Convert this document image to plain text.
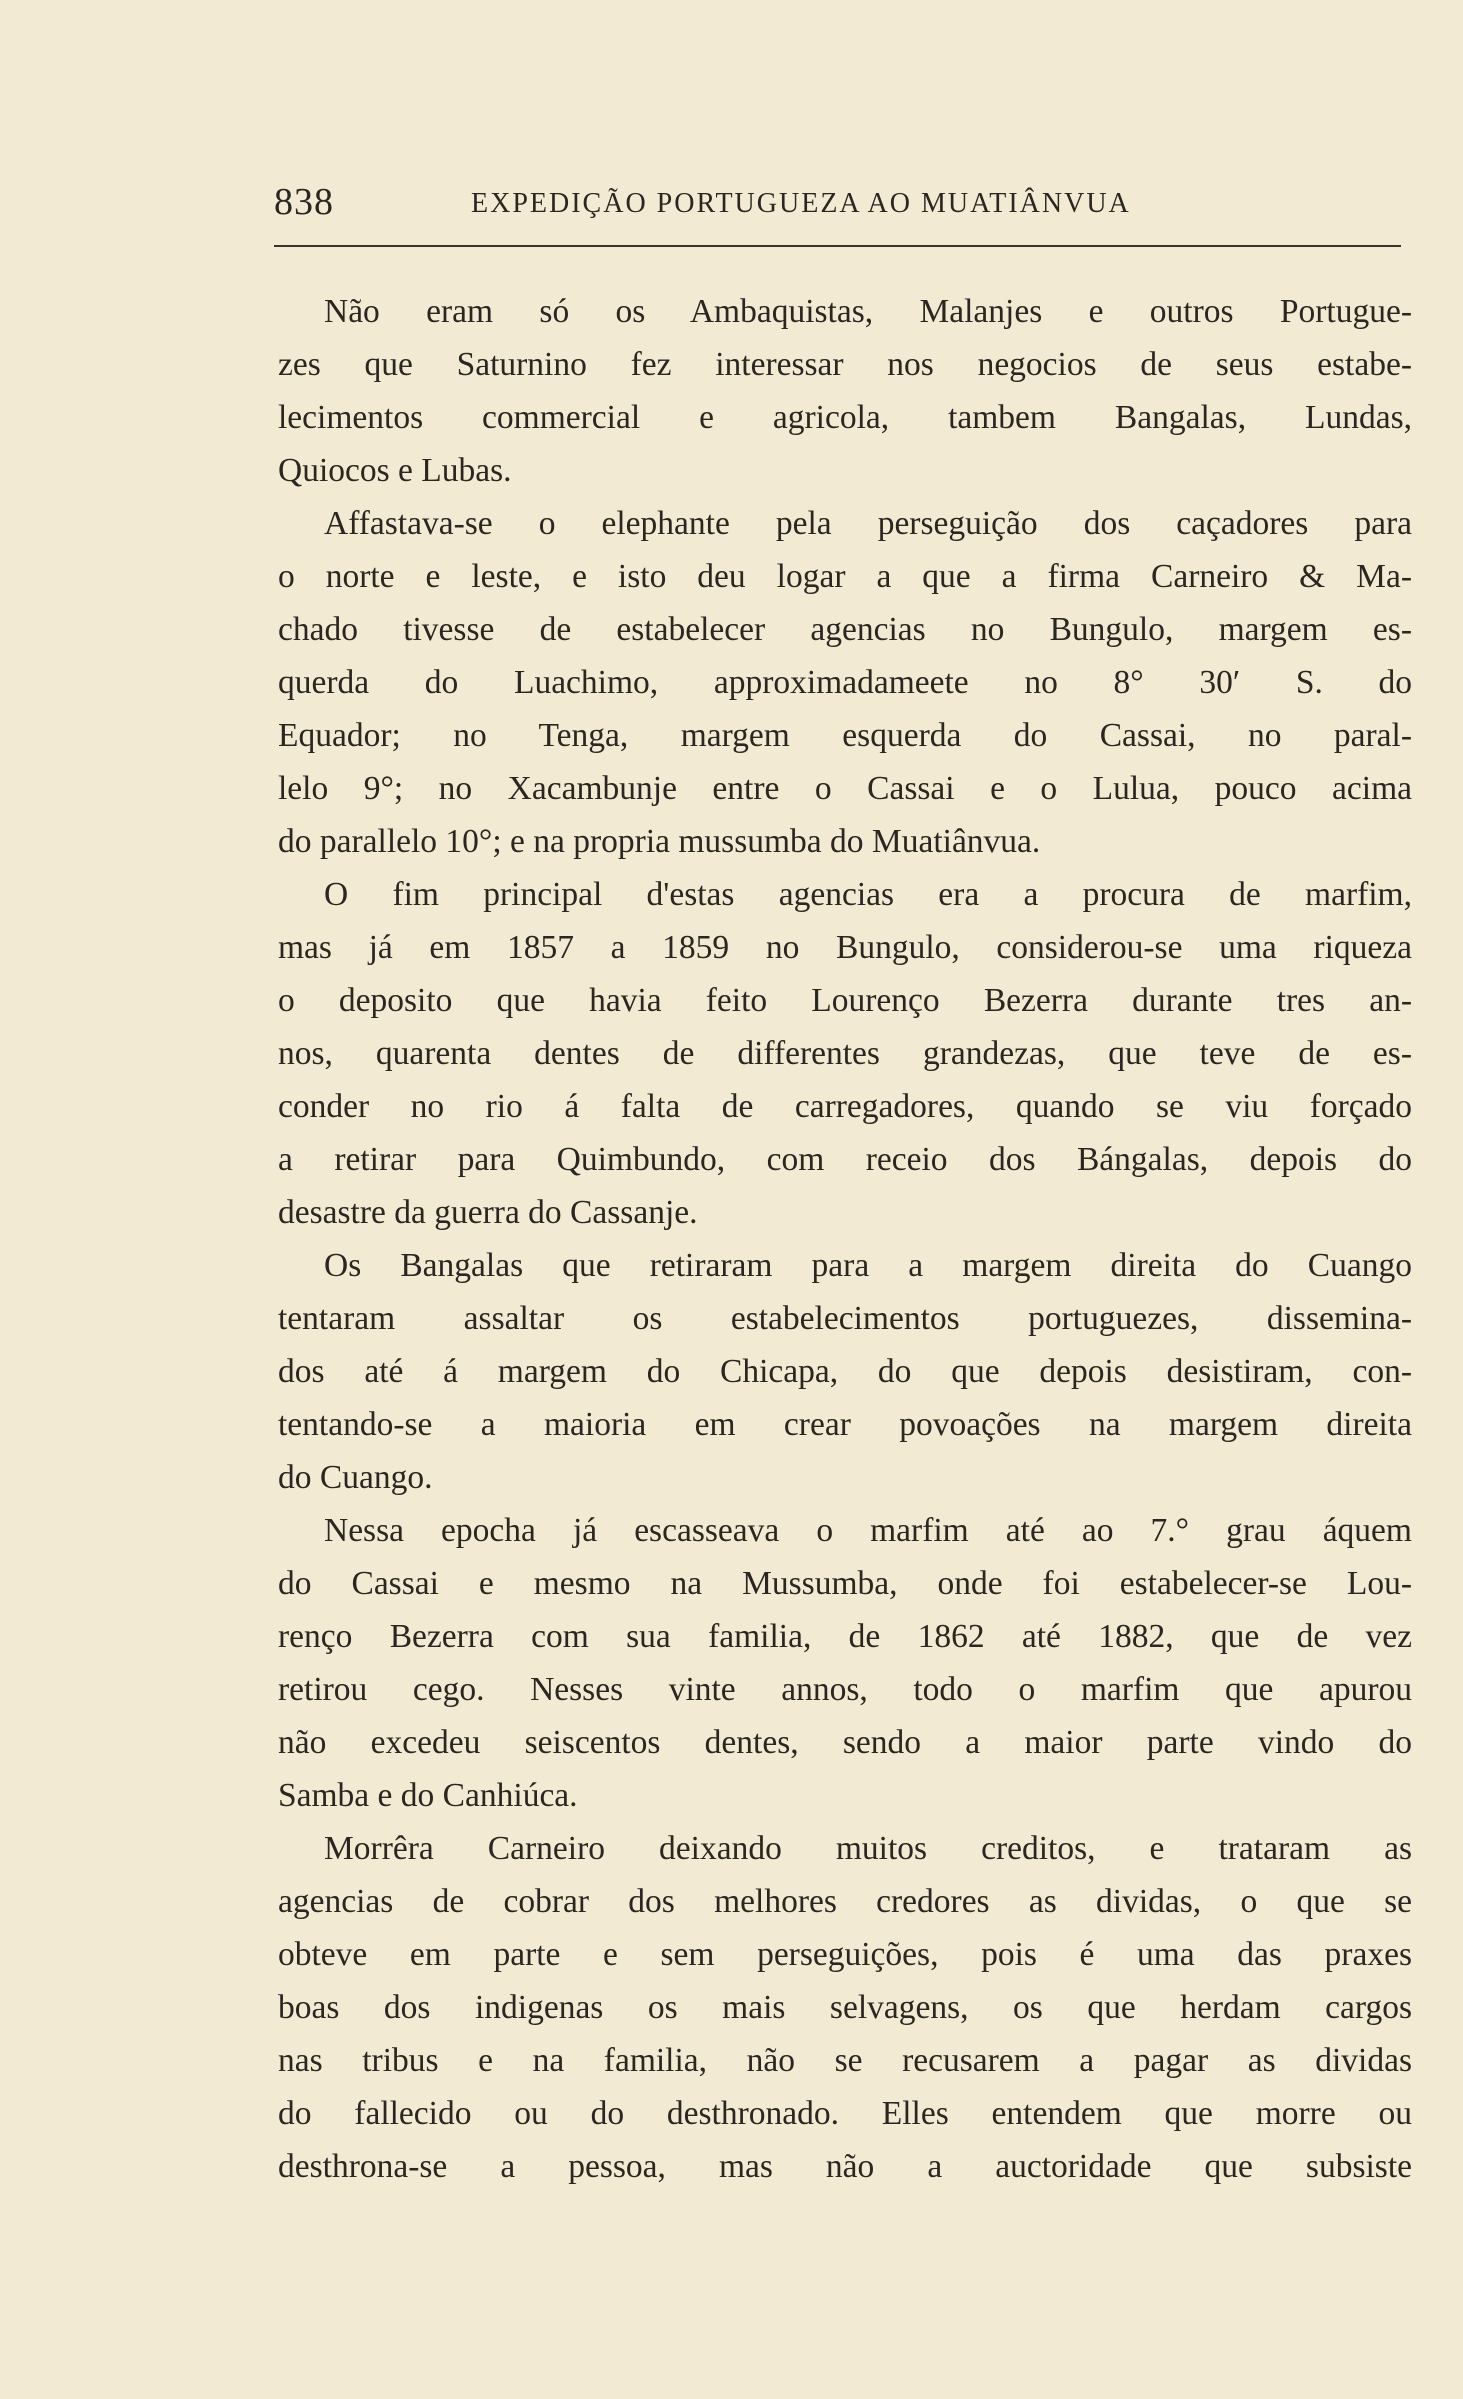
838	EXPEDIÇÃO PORTUGUEZA AO MUATIÂNVUA
Não eram só os Ambaquistas, Malanjes e outros Portugue-
zes que Saturnino fez interessar nos negocios de seus estabe-
lecimentos commercial e agricola, tambem Bangalas, Lundas,
Quiocos e Lubas.
Affastava-se o elephante pela perseguição dos caçadores para
o norte e leste, e isto deu logar a que a firma Carneiro & Ma-
chado tivesse de estabelecer agencias no Bungulo, margem es-
querda do Luachimo, approximadameete no 8° 30′ S. do
Equador; no Tenga, margem esquerda do Cassai, no paral-
lelo 9°; no Xacambunje entre o Cassai e o Lulua, pouco acima
do parallelo 10°; e na propria mussumba do Muatiânvua.
O fim principal d'estas agencias era a procura de marfim,
mas já em 1857 a 1859 no Bungulo, considerou-se uma riqueza
o deposito que havia feito Lourenço Bezerra durante tres an-
nos, quarenta dentes de differentes grandezas, que teve de es-
conder no rio á falta de carregadores, quando se viu forçado
a retirar para Quimbundo, com receio dos Bángalas, depois do
desastre da guerra do Cassanje.
Os Bangalas que retiraram para a margem direita do Cuango
tentaram assaltar os estabelecimentos portuguezes, dissemina-
dos até á margem do Chicapa, do que depois desistiram, con-
tentando-se a maioria em crear povoações na margem direita
do Cuango.
Nessa epocha já escasseava o marfim até ao 7.° grau áquem
do Cassai e mesmo na Mussumba, onde foi estabelecer-se Lou-
renço Bezerra com sua familia, de 1862 até 1882, que de vez
retirou cego. Nesses vinte annos, todo o marfim que apurou
não excedeu seiscentos dentes, sendo a maior parte vindo do
Samba e do Canhiúca.
Morrêra Carneiro deixando muitos creditos, e trataram as
agencias de cobrar dos melhores credores as dividas, o que se
obteve em parte e sem perseguições, pois é uma das praxes
boas dos indigenas os mais selvagens, os que herdam cargos
nas tribus e na familia, não se recusarem a pagar as dividas
do fallecido ou do desthronado. Elles entendem que morre ou
desthrona-se a pessoa, mas não a auctoridade que subsiste
